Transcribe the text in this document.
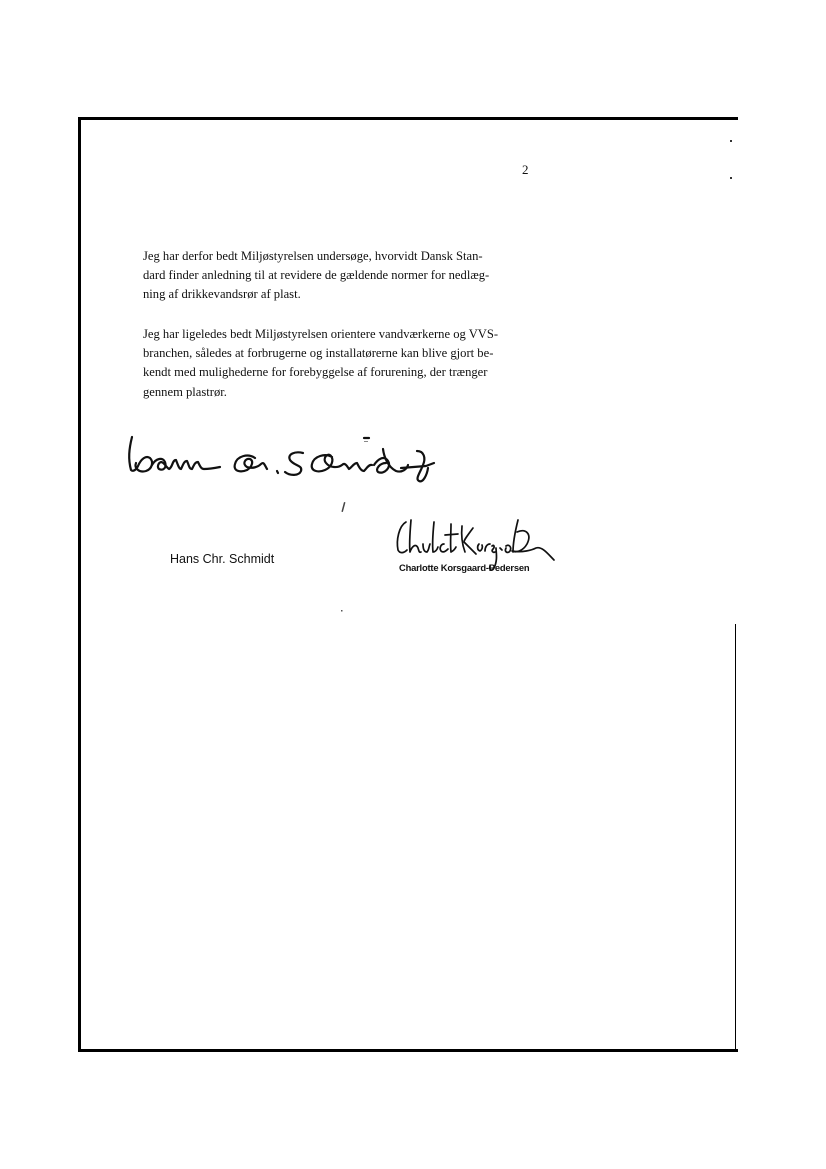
2

Jeg har derfor bedt Miljøstyrelsen undersøge, hvorvidt Dansk Stan-
dard finder anledning til at revidere de gældende normer for nedlæg-
ning af drikkevandsrør af plast.

Jeg har ligeledes bedt Miljøstyrelsen orientere vandværkerne og VVS-
branchen, således at forbrugerne og installatørerne kan blive gjort be-
kendt med mulighederne for forebyggelse af forurening, der trænger
gennem plastrør.

Hans Chr. Schmidt
Charlotte Korsgaard-Pedersen
